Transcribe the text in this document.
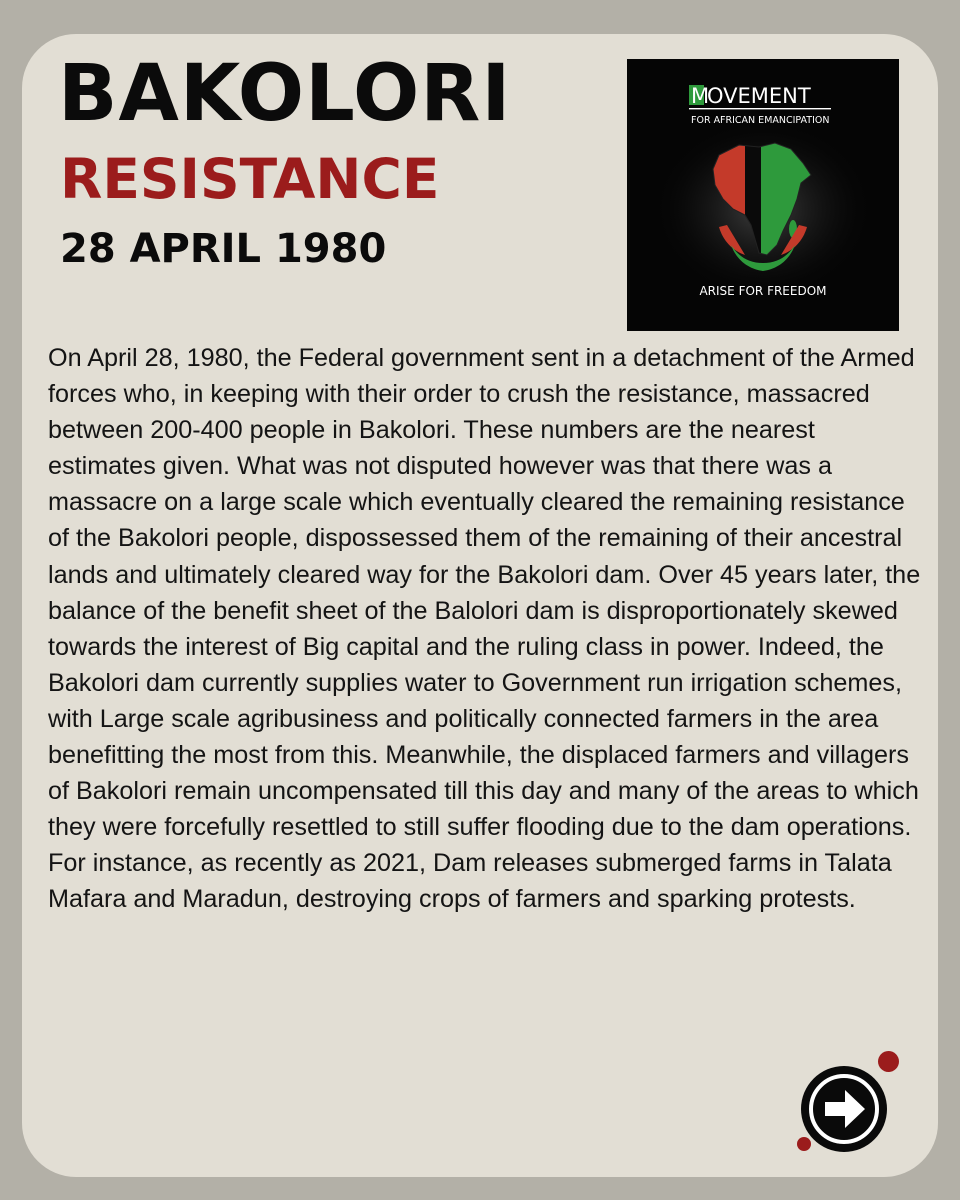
BAKOLORI
RESISTANCE
28 APRIL 1980
M
OVEMENT
FOR AFRICAN EMANCIPATION
ARISE FOR FREEDOM

On April 28, 1980, the Federal government sent in a detachment of the Armed forces who, in keeping with their order to crush the resistance, massacred between 200-400 people in Bakolori. These numbers are the nearest estimates given. What was not disputed however was that there was a massacre on a large scale which eventually cleared the remaining resistance of the Bakolori people, dispossessed them of the remaining of their ancestral lands and ultimately cleared way for the Bakolori dam. Over 45 years later, the balance of the benefit sheet of the Balolori dam is disproportionately skewed towards the interest of Big capital and the ruling class in power. Indeed, the Bakolori dam currently supplies water to Government run irrigation schemes, with Large scale agribusiness and politically connected farmers in the area benefitting the most from this. Meanwhile, the displaced farmers and villagers of Bakolori remain uncompensated till this day and many of the areas to which they were forcefully resettled to still suffer flooding due to the dam operations. For instance, as recently as 2021, Dam releases submerged farms in Talata Mafara and Maradun, destroying crops of farmers and sparking protests.
